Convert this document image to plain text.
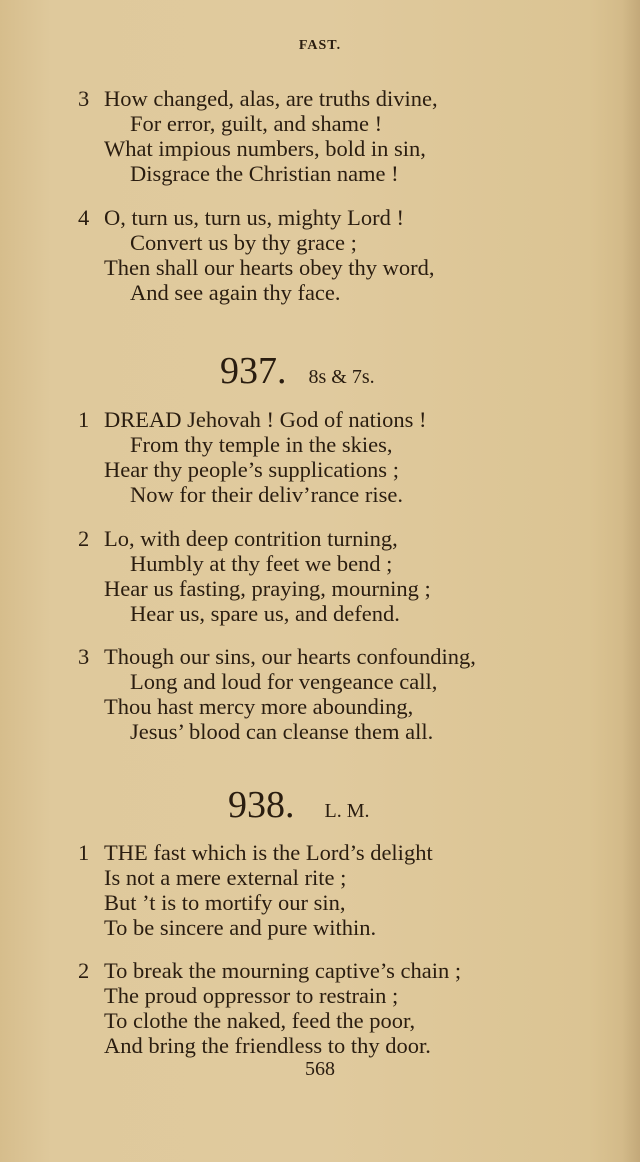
FAST.
3 How changed, alas, are truths divine,
For error, guilt, and shame !
What impious numbers, bold in sin,
Disgrace the Christian name !
4 O, turn us, turn us, mighty Lord !
Convert us by thy grace ;
Then shall our hearts obey thy word,
And see again thy face.
937. 8s & 7s.
1 DREAD Jehovah ! God of nations !
From thy temple in the skies,
Hear thy people’s supplications ;
Now for their deliv’rance rise.
2 Lo, with deep contrition turning,
Humbly at thy feet we bend ;
Hear us fasting, praying, mourning ;
Hear us, spare us, and defend.
3 Though our sins, our hearts confounding,
Long and loud for vengeance call,
Thou hast mercy more abounding,
Jesus’ blood can cleanse them all.
938. L. M.
1 THE fast which is the Lord’s delight
Is not a mere external rite ;
But ’t is to mortify our sin,
To be sincere and pure within.
2 To break the mourning captive’s chain ;
The proud oppressor to restrain ;
To clothe the naked, feed the poor,
And bring the friendless to thy door.
568
